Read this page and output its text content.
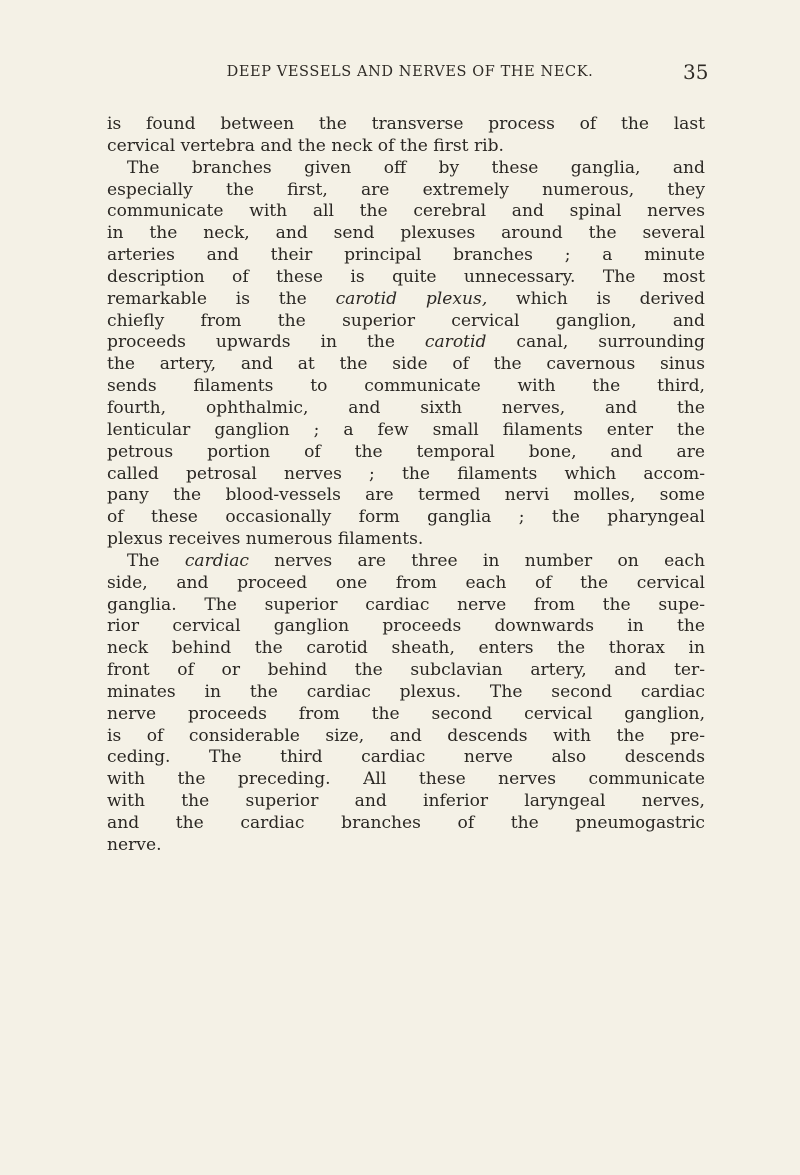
DEEP VESSELS AND NERVES OF THE NECK.	35
is found between the transverse process of the last
cervical vertebra and the neck of the first rib.
The branches given off by these ganglia, and
especially the first, are extremely numerous, they
communicate with all the cerebral and spinal nerves
in the neck, and send plexuses around the several
arteries and their principal branches ; a minute
description of these is quite unnecessary. The most
remarkable is the carotid plexus, which is derived
chiefly from the superior cervical ganglion, and
proceeds upwards in the carotid canal, surrounding
the artery, and at the side of the cavernous sinus
sends filaments to communicate with the third,
fourth, ophthalmic, and sixth nerves, and the
lenticular ganglion ; a few small filaments enter the
petrous portion of the temporal bone, and are
called petrosal nerves ; the filaments which accom-
pany the blood-vessels are termed nervi molles, some
of these occasionally form ganglia ; the pharyngeal
plexus receives numerous filaments.
The cardiac nerves are three in number on each
side, and proceed one from each of the cervical
ganglia. The superior cardiac nerve from the supe-
rior cervical ganglion proceeds downwards in the
neck behind the carotid sheath, enters the thorax in
front of or behind the subclavian artery, and ter-
minates in the cardiac plexus. The second cardiac
nerve proceeds from the second cervical ganglion,
is of considerable size, and descends with the pre-
ceding. The third cardiac nerve also descends
with the preceding. All these nerves communicate
with the superior and inferior laryngeal nerves,
and the cardiac branches of the pneumogastric
nerve.
